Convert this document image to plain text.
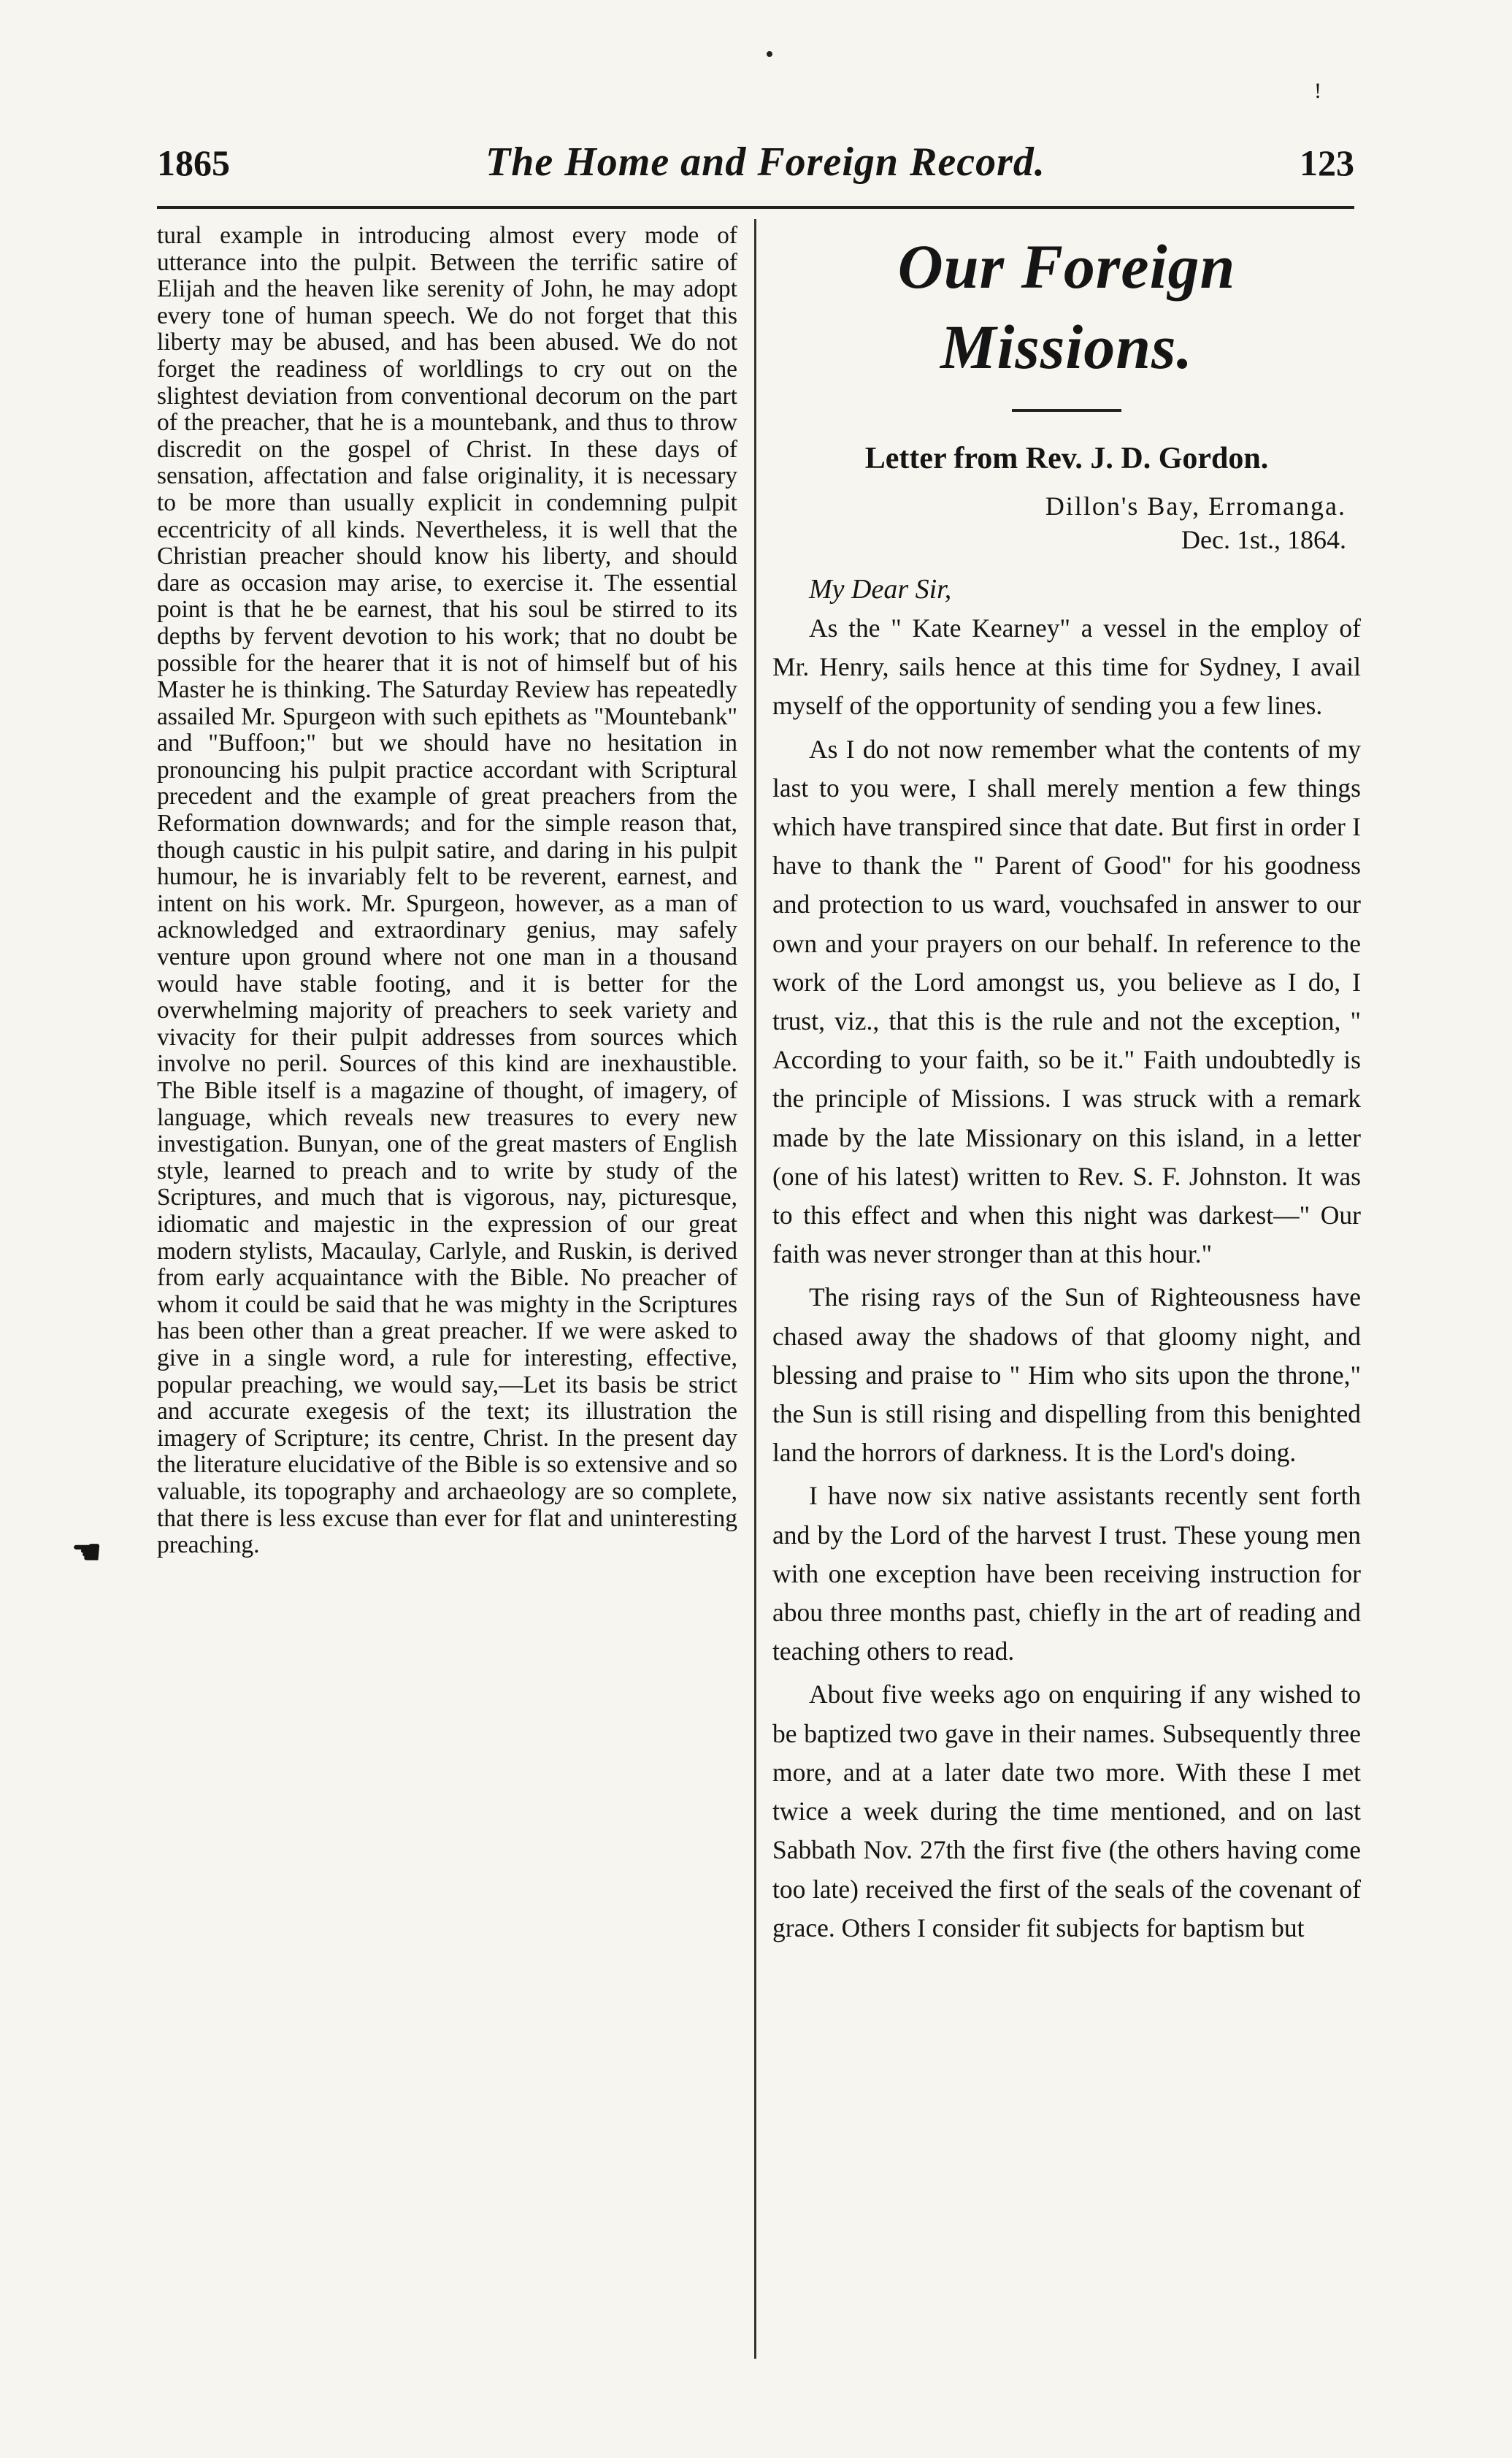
!
1865	The Home and Foreign Record.	123
☚

tural example in introducing almost every mode of utterance into the pulpit. Between the terrific satire of Elijah and the heaven like serenity of John, he may adopt every tone of human speech. We do not forget that this liberty may be abused, and has been abused. We do not forget the readiness of worldlings to cry out on the slightest deviation from conventional decorum on the part of the preacher, that he is a mountebank, and thus to throw discredit on the gospel of Christ. In these days of sensation, affectation and false originality, it is necessary to be more than usually explicit in condemning pulpit eccentricity of all kinds. Nevertheless, it is well that the Christian preacher should know his liberty, and should dare as occasion may arise, to exercise it. The essential point is that he be earnest, that his soul be stirred to its depths by fervent devotion to his work; that no doubt be possible for the hearer that it is not of himself but of his Master he is thinking. The Saturday Review has repeatedly assailed Mr. Spurgeon with such epithets as "Mountebank" and "Buffoon;" but we should have no hesitation in pronouncing his pulpit practice accordant with Scriptural precedent and the example of great preachers from the Reformation downwards; and for the simple reason that, though caustic in his pulpit satire, and daring in his pulpit humour, he is invariably felt to be reverent, earnest, and intent on his work. Mr. Spurgeon, however, as a man of acknowledged and extraordinary genius, may safely venture upon ground where not one man in a thousand would have stable footing, and it is better for the overwhelming majority of preachers to seek variety and vivacity for their pulpit addresses from sources which involve no peril. Sources of this kind are inexhaustible. The Bible itself is a magazine of thought, of imagery, of language, which reveals new treasures to every new investigation. Bunyan, one of the great masters of English style, learned to preach and to write by study of the Scriptures, and much that is vigorous, nay, picturesque, idiomatic and majestic in the expression of our great modern stylists, Macaulay, Carlyle, and Ruskin, is derived from early acquaintance with the Bible. No preacher of whom it could be said that he was mighty in the Scriptures has been other than a great preacher. If we were asked to give in a single word, a rule for interesting, effective, popular preaching, we would say,—Let its basis be strict and accurate exegesis of the text; its illustration the imagery of Scripture; its centre, Christ. In the present day the literature elucidative of the Bible is so extensive and so valuable, its topography and archaeology are so complete, that there is less excuse than ever for flat and uninteresting preaching.

Our Foreign Missions.
Letter from Rev. J. D. Gordon.
Dillon's Bay, Erromanga.
Dec. 1st., 1864.
My Dear Sir,

As the " Kate Kearney" a vessel in the employ of Mr. Henry, sails hence at this time for Sydney, I avail myself of the opportunity of sending you a few lines.

As I do not now remember what the contents of my last to you were, I shall merely mention a few things which have transpired since that date. But first in order I have to thank the " Parent of Good" for his goodness and protection to us ward, vouchsafed in answer to our own and your prayers on our behalf. In reference to the work of the Lord amongst us, you believe as I do, I trust, viz., that this is the rule and not the exception, " According to your faith, so be it." Faith undoubtedly is the principle of Missions. I was struck with a remark made by the late Missionary on this island, in a letter (one of his latest) written to Rev. S. F. Johnston. It was to this effect and when this night was darkest—" Our faith was never stronger than at this hour."

The rising rays of the Sun of Righteousness have chased away the shadows of that gloomy night, and blessing and praise to " Him who sits upon the throne," the Sun is still rising and dispelling from this benighted land the horrors of darkness. It is the Lord's doing.

I have now six native assistants recently sent forth and by the Lord of the harvest I trust. These young men with one exception have been receiving instruction for abou three months past, chiefly in the art of reading and teaching others to read.

About five weeks ago on enquiring if any wished to be baptized two gave in their names. Subsequently three more, and at a later date two more. With these I met twice a week during the time mentioned, and on last Sabbath Nov. 27th the first five (the others having come too late) received the first of the seals of the covenant of grace. Others I consider fit subjects for baptism but
